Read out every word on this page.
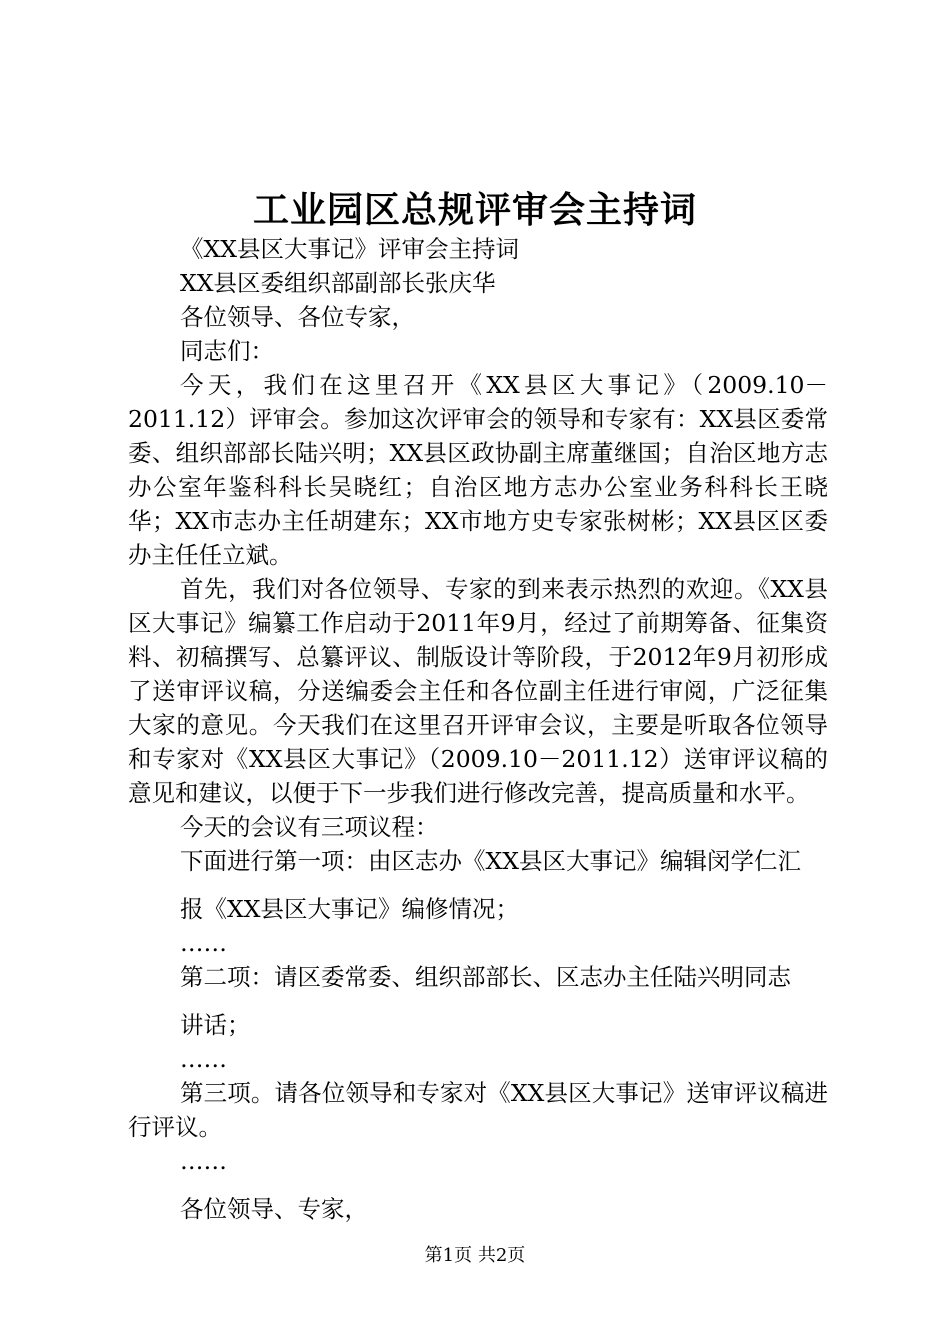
工业园区总规评审会主持词
《XX县区大事记》评审会主持词
XX县区委组织部副部长张庆华
各位领导、各位专家，
同志们：
今天，我们在这里召开《XX县区大事记》（2009.10－2011.12）评审会。参加这次评审会的领导和专家有：XX县区委常委、组织部部长陆兴明；XX县区政协副主席董继国；自治区地方志办公室年鉴科科长吴晓红；自治区地方志办公室业务科科长王晓华；XX市志办主任胡建东；XX市地方史专家张树彬；XX县区区委办主任任立斌。
首先，我们对各位领导、专家的到来表示热烈的欢迎。《XX县区大事记》编纂工作启动于2011年9月，经过了前期筹备、征集资料、初稿撰写、总纂评议、制版设计等阶段，于2012年9月初形成了送审评议稿，分送编委会主任和各位副主任进行审阅，广泛征集大家的意见。今天我们在这里召开评审会议，主要是听取各位领导和专家对《XX县区大事记》（2009.10－2011.12）送审评议稿的意见和建议，以便于下一步我们进行修改完善，提高质量和水平。
今天的会议有三项议程：
下面进行第一项：由区志办《XX县区大事记》编辑闵学仁汇
报《XX县区大事记》编修情况；
……
第二项：请区委常委、组织部部长、区志办主任陆兴明同志
讲话；
……
第三项。请各位领导和专家对《XX县区大事记》送审评议稿进行评议。
……
各位领导、专家，
第1页 共2页
